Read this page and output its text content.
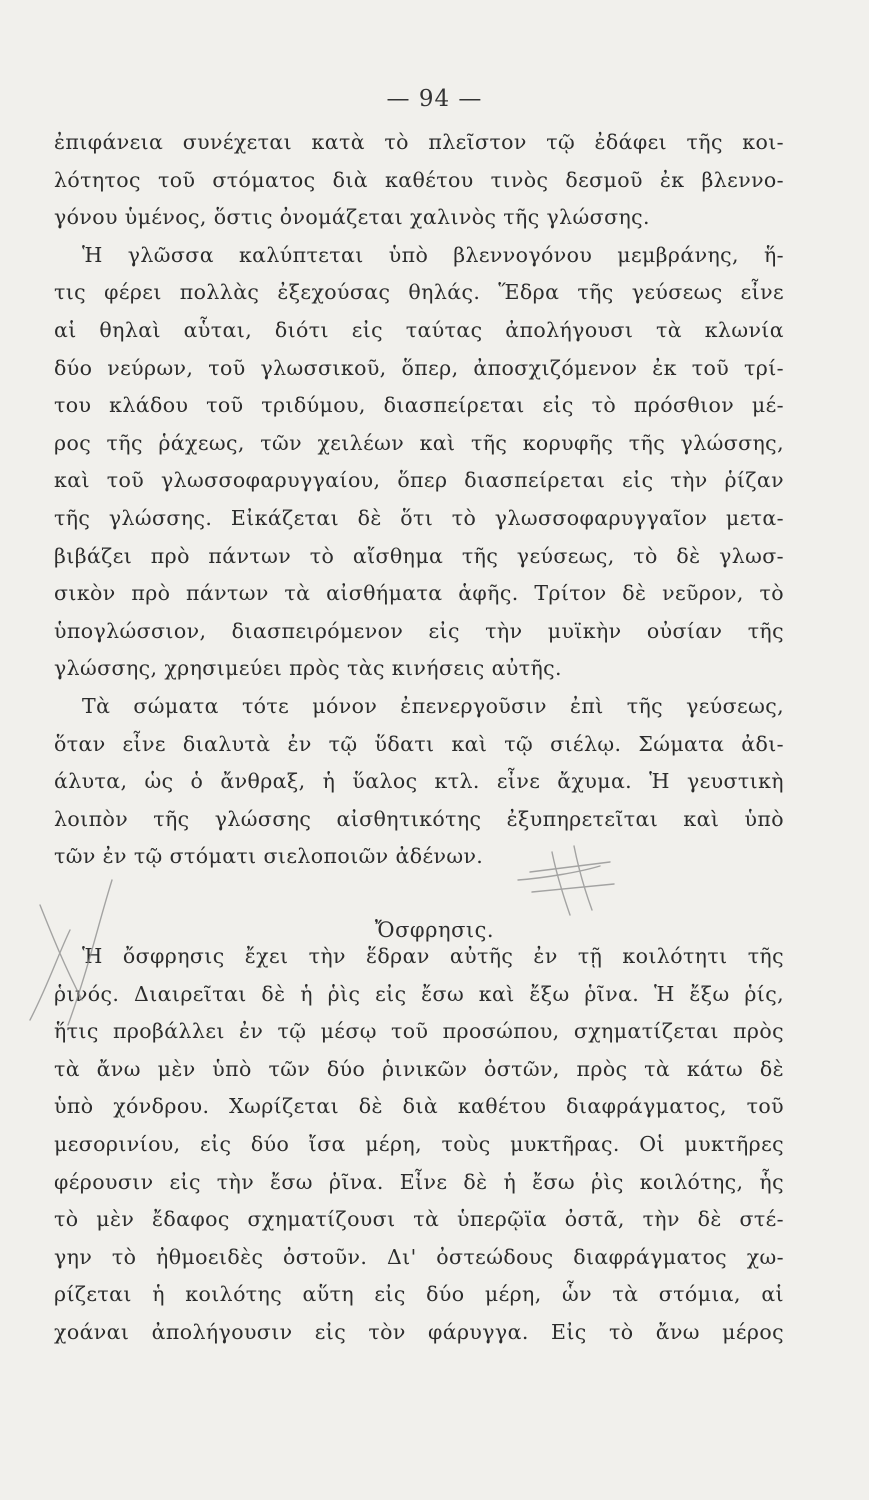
— 94 —
ἐπιφάνεια συνέχεται κατὰ τὸ πλεῖστον τῷ ἐδάφει τῆς κοι-
λότητος τοῦ στόματος διὰ καθέτου τινὸς δεσμοῦ ἐκ βλεννο-
γόνου ὑμένος, ὅστις ὀνομάζεται χαλινὸς τῆς γλώσσης.
Ἡ γλῶσσα καλύπτεται ὑπὸ βλεννογόνου μεμβράνης, ἥ-
τις φέρει πολλὰς ἐξεχούσας θηλάς. Ἕδρα τῆς γεύσεως εἶνε
αἱ θηλαὶ αὗται, διότι εἰς ταύτας ἀπολήγουσι τὰ κλωνία
δύο νεύρων, τοῦ γλωσσικοῦ, ὅπερ, ἀποσχιζόμενον ἐκ τοῦ τρί-
του κλάδου τοῦ τριδύμου, διασπείρεται εἰς τὸ πρόσθιον μέ-
ρος τῆς ῥάχεως, τῶν χειλέων καὶ τῆς κορυφῆς τῆς γλώσσης,
καὶ τοῦ γλωσσοφαρυγγαίου, ὅπερ διασπείρεται εἰς τὴν ῥίζαν
τῆς γλώσσης. Εἰκάζεται δὲ ὅτι τὸ γλωσσοφαρυγγαῖον μετα-
βιβάζει πρὸ πάντων τὸ αἴσθημα τῆς γεύσεως, τὸ δὲ γλωσ-
σικὸν πρὸ πάντων τὰ αἰσθήματα ἁφῆς. Τρίτον δὲ νεῦρον, τὸ
ὑπογλώσσιον, διασπειρόμενον εἰς τὴν μυϊκὴν οὐσίαν τῆς
γλώσσης, χρησιμεύει πρὸς τὰς κινήσεις αὐτῆς.
Τὰ σώματα τότε μόνον ἐπενεργοῦσιν ἐπὶ τῆς γεύσεως,
ὅταν εἶνε διαλυτὰ ἐν τῷ ὕδατι καὶ τῷ σιέλῳ. Σώματα ἀδι-
άλυτα, ὡς ὁ ἄνθραξ, ἡ ὕαλος κτλ. εἶνε ἄχυμα. Ἡ γευστικὴ
λοιπὸν τῆς γλώσσης αἰσθητικότης ἐξυπηρετεῖται καὶ ὑπὸ
τῶν ἐν τῷ στόματι σιελοποιῶν ἀδένων.
Ὄσφρησις.
Ἡ ὄσφρησις ἔχει τὴν ἕδραν αὐτῆς ἐν τῇ κοιλότητι τῆς
ῥινός. Διαιρεῖται δὲ ἡ ῥὶς εἰς ἔσω καὶ ἔξω ῥῖνα. Ἡ ἔξω ῥίς,
ἥτις προβάλλει ἐν τῷ μέσῳ τοῦ προσώπου, σχηματίζεται πρὸς
τὰ ἄνω μὲν ὑπὸ τῶν δύο ῥινικῶν ὀστῶν, πρὸς τὰ κάτω δὲ
ὑπὸ χόνδρου. Χωρίζεται δὲ διὰ καθέτου διαφράγματος, τοῦ
μεσορινίου, εἰς δύο ἴσα μέρη, τοὺς μυκτῆρας. Οἱ μυκτῆρες
φέρουσιν εἰς τὴν ἔσω ῥῖνα. Εἶνε δὲ ἡ ἔσω ῥὶς κοιλότης, ἧς
τὸ μὲν ἔδαφος σχηματίζουσι τὰ ὑπερῷϊα ὀστᾶ, τὴν δὲ στέ-
γην τὸ ἠθμοειδὲς ὀστοῦν. Δι' ὀστεώδους διαφράγματος χω-
ρίζεται ἡ κοιλότης αὕτη εἰς δύο μέρη, ὧν τὰ στόμια, αἱ
χοάναι ἀπολήγουσιν εἰς τὸν φάρυγγα. Εἰς τὸ ἄνω μέρος
